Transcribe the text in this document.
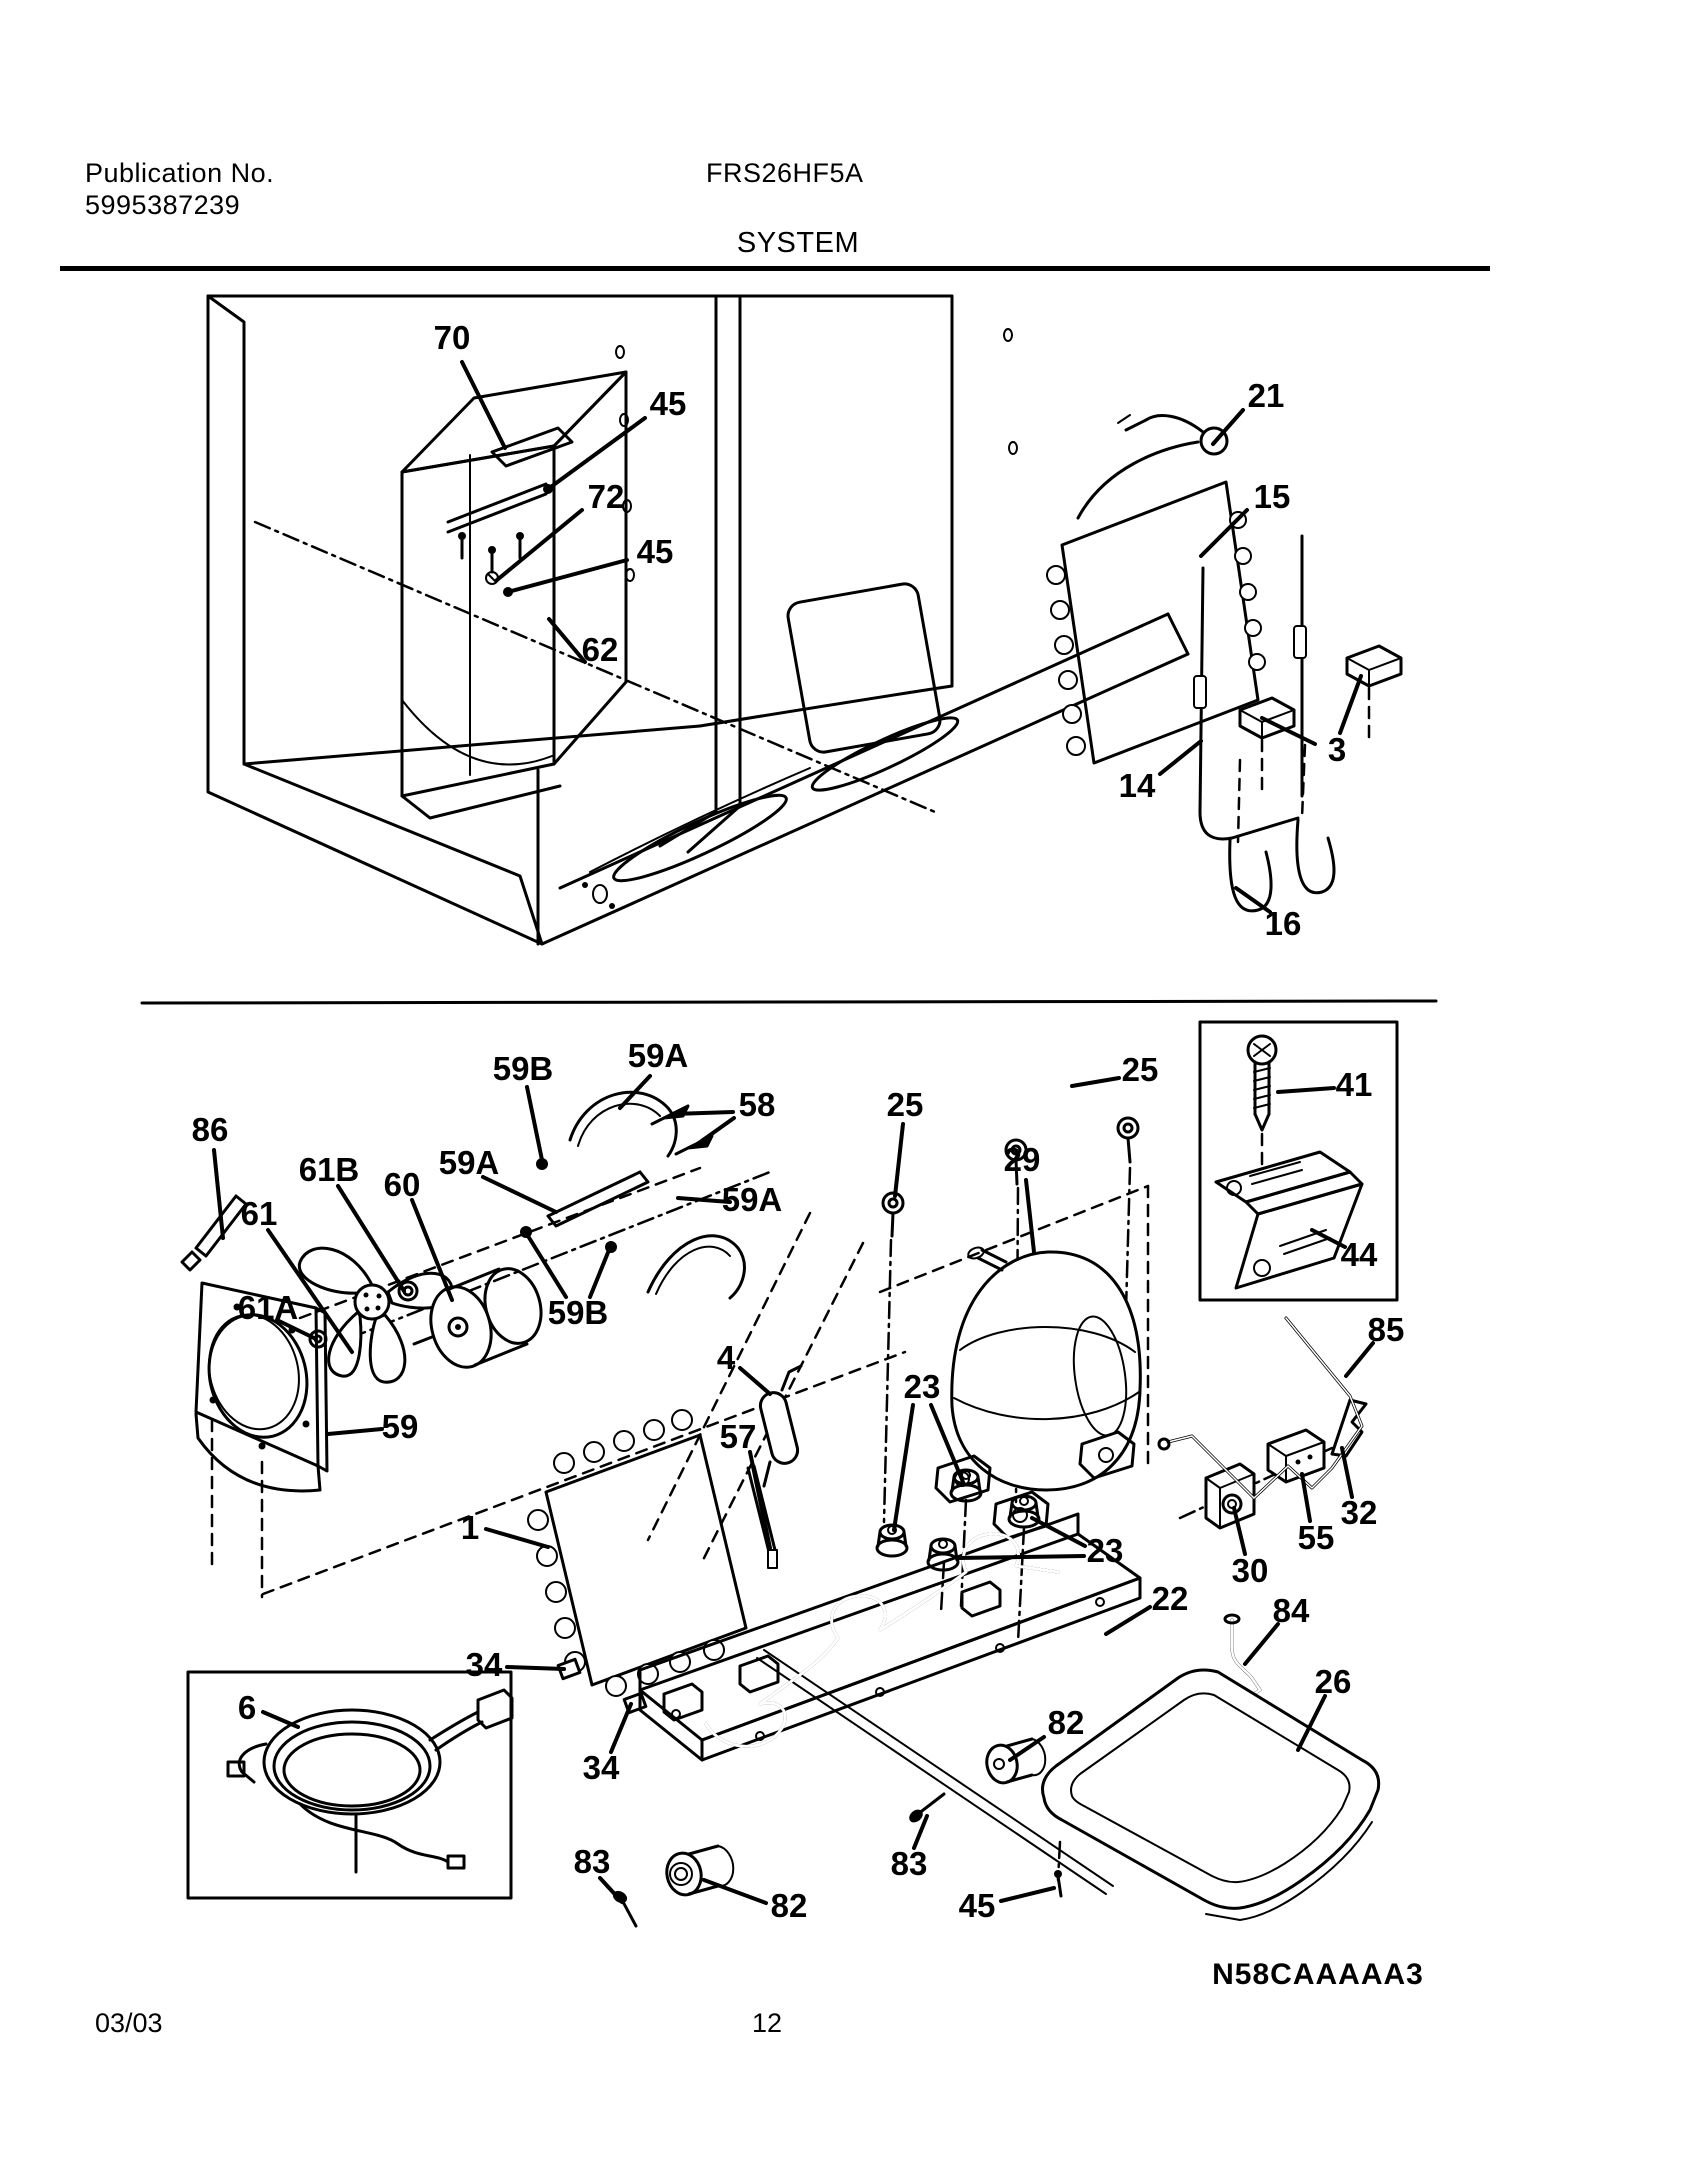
Publication No.
5995387239
FRS26HF5A
SYSTEM
70
45
72
45
62
21
15
3
14
16
86
59B 59A
58
59A
61B 60
61
61A
59A
59B
59
4
57
23
23
25
25
29
41
44
85
32
55
30
22	84
26
1
34
34
6
83
82
83
82
45
N58CAAAAA3
03/03	12
